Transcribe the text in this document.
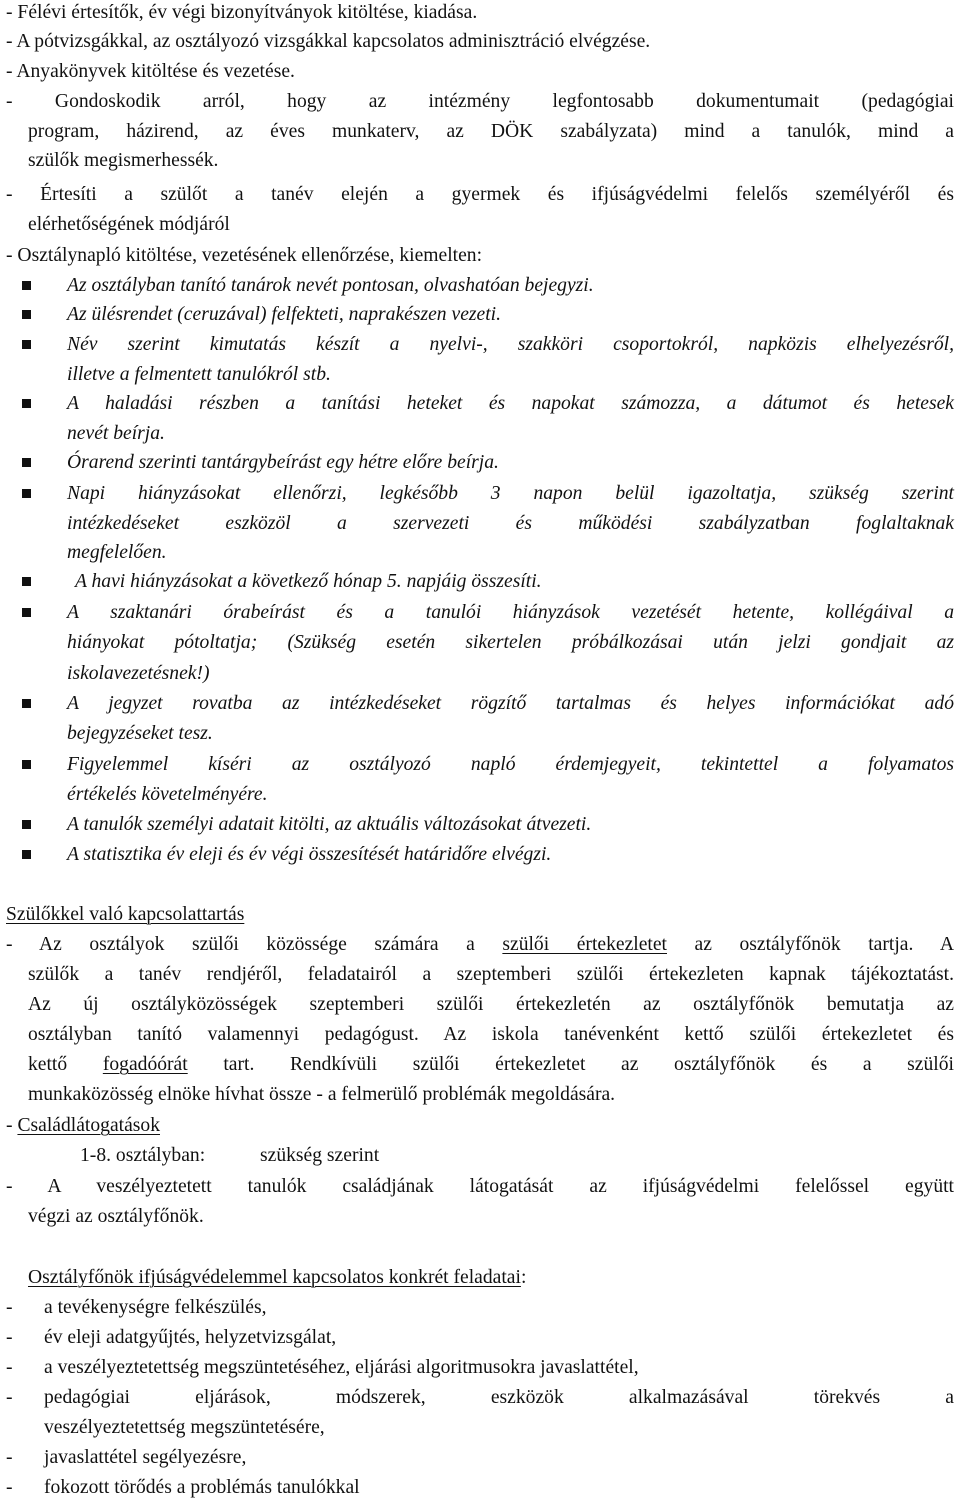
- Félévi értesítők, év végi bizonyítványok kitöltése, kiadása.

- A pótvizsgákkal, az osztályozó vizsgákkal kapcsolatos adminisztráció elvégzése.

- Anyakönyvek kitöltése és vezetése.

- Gondoskodik arról, hogy az intézmény legfontosabb dokumentumait (pedagógiai

program, házirend, az éves munkaterv, az DÖK szabályzata) mind a tanulók, mind a

szülők megismerhessék.

- Értesíti a szülőt a tanév elején a gyermek és ifjúságvédelmi felelős személyéről és

elérhetőségének módjáról

- Osztálynapló kitöltése, vezetésének ellenőrzése, kiemelten:

Az osztályban tanító tanárok nevét pontosan, olvashatóan bejegyzi.

Az ülésrendet (ceruzával) felfekteti, naprakészen vezeti.

Név szerint kimutatás készít a nyelvi-, szakköri csoportokról, napközis elhelyezésről,

illetve a felmentett tanulókról stb.

A haladási részben a tanítási heteket és napokat számozza, a dátumot és hetesek

nevét beírja.

Órarend szerinti tantárgybeírást egy hétre előre beírja.

Napi hiányzásokat ellenőrzi, legkésőbb 3 napon belül igazoltatja, szükség szerint

intézkedéseket eszközöl a szervezeti és működési szabályzatban foglaltaknak

megfelelően.

A havi hiányzásokat a következő hónap 5. napjáig összesíti.

A szaktanári órabeírást és a tanulói hiányzások vezetését hetente, kollégáival a

hiányokat pótoltatja; (Szükség esetén sikertelen próbálkozásai után jelzi gondjait az

iskolavezetésnek!)

A jegyzet rovatba az intézkedéseket rögzítő tartalmas és helyes információkat adó

bejegyzéseket tesz.

Figyelemmel kíséri az osztályozó napló érdemjegyeit, tekintettel a folyamatos

értékelés követelményére.

A tanulók személyi adatait kitölti, az aktuális változásokat átvezeti.

A statisztika év eleji és év végi összesítését határidőre elvégzi.

Szülőkkel való kapcsolattartás

- Az osztályok szülői közössége számára a szülői értekezletet az osztályfőnök tartja. A

szülők a tanév rendjéről, feladatairól a szeptemberi szülői értekezleten kapnak tájékoztatást.

Az új osztályközösségek szeptemberi szülői értekezletén az osztályfőnök bemutatja az

osztályban tanító valamennyi pedagógust. Az iskola tanévenként kettő szülői értekezletet és

kettő fogadóórát tart. Rendkívüli szülői értekezletet az osztályfőnök és a szülői

munkaközösség elnöke hívhat össze - a felmerülő problémák megoldására.

- Családlátogatások

1-8. osztályban:	szükség szerint

- A veszélyeztetett tanulók családjának látogatását az ifjúságvédelmi felelőssel együtt

végzi az osztályfőnök.

Osztályfőnök ifjúságvédelemmel kapcsolatos konkrét feladatai:

- a tevékenységre felkészülés,

- év eleji adatgyűjtés, helyzetvizsgálat,

- a veszélyeztetettség megszüntetéséhez, eljárási algoritmusokra javaslattétel,

- pedagógiai eljárások, módszerek, eszközök alkalmazásával törekvés a

veszélyeztetettség megszüntetésére,

- javaslattétel segélyezésre,

- fokozott törődés a problémás tanulókkal
